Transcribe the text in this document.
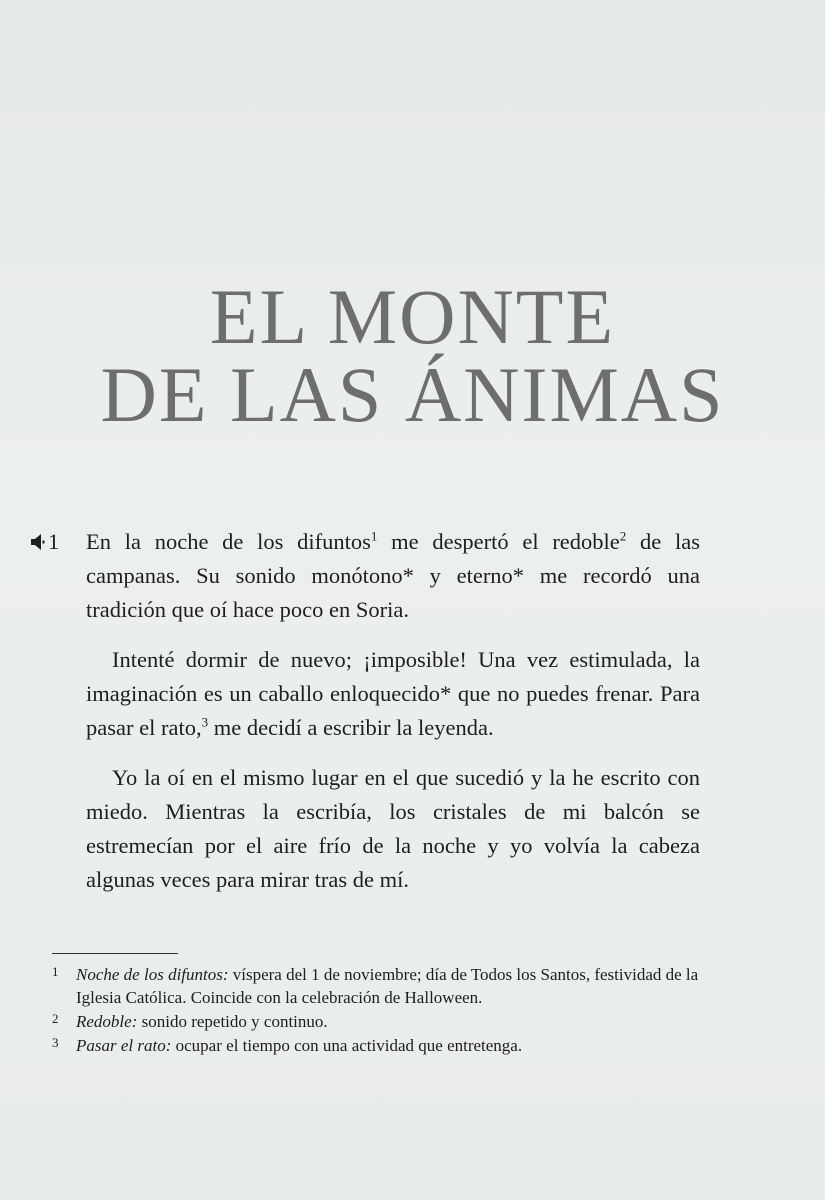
EL MONTE
DE LAS ÁNIMAS
1 En la noche de los difuntos$^1$ me despertó el redoble$^2$ de las campanas. Su sonido monótono* y eterno* me recordó una tradición que oí hace poco en Soria.

Intenté dormir de nuevo; ¡imposible! Una vez estimulada, la imaginación es un caballo enloquecido* que no puedes frenar. Para pasar el rato,$^3$ me decidí a escribir la leyenda.

Yo la oí en el mismo lugar en el que sucedió y la he escrito con miedo. Mientras la escribía, los cristales de mi balcón se estremecían por el aire frío de la noche y yo volvía la cabeza algunas veces para mirar tras de mí.

1	Noche de los difuntos: víspera del 1 de noviembre; día de Todos los Santos, festividad de la Iglesia Católica. Coincide con la celebración de Halloween.
2	Redoble: sonido repetido y continuo.
3	Pasar el rato: ocupar el tiempo con una actividad que entretenga.
